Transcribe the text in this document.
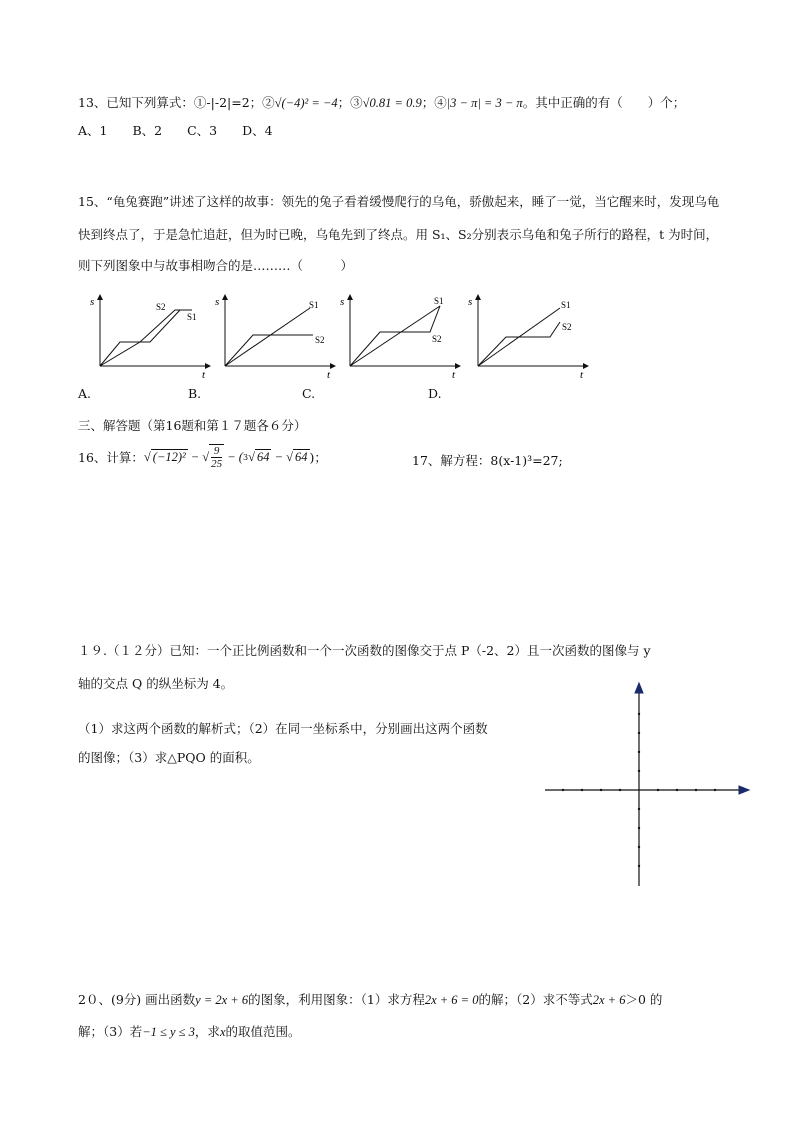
13、已知下列算式：①-|-2|=2；②√(−4)² = −4；③√0.81 = 0.9；④|3 − π| = 3 − π。其中正确的有（　　）个；
A、1　　B、2　　C、3　　D、4
15、“龟兔赛跑”讲述了这样的故事：领先的兔子看着缓慢爬行的乌龟，骄傲起来，睡了一觉，当它醒来时，发现乌龟
快到终点了，于是急忙追赶，但为时已晚，乌龟先到了终点。用 S₁、S₂分别表示乌龟和兔子所行的路程，t 为时间，
则下列图象中与故事相吻合的是………（　　　）
s
t
S2
S1
s
t
S1
S2
s
t
S1
S2
s
t
S1
S2
A.	B.	C.	D.
三、解答题（第16题和第１７题各６分）
16、计算： √ (−12)² − √ $\frac{9}{25}$ − ( 3 √ 64 − √ 64 )；	17、解方程：8(x-1)³=27;
１９.（１２分）已知：一个正比例函数和一个一次函数的图像交于点 P（-2、2）且一次函数的图像与 y
轴的交点 Q 的纵坐标为 4。
（1）求这两个函数的解析式；（2）在同一坐标系中，分别画出这两个函数
的图像；（3）求△PQO 的面积。
2０、(9分) 画出函数y = 2x + 6的图象，利用图象：（1）求方程2x + 6 = 0的解；（2）求不等式2x + 6＞0 的
解；（3）若−1 ≤ y ≤ 3，求x的取值范围。
